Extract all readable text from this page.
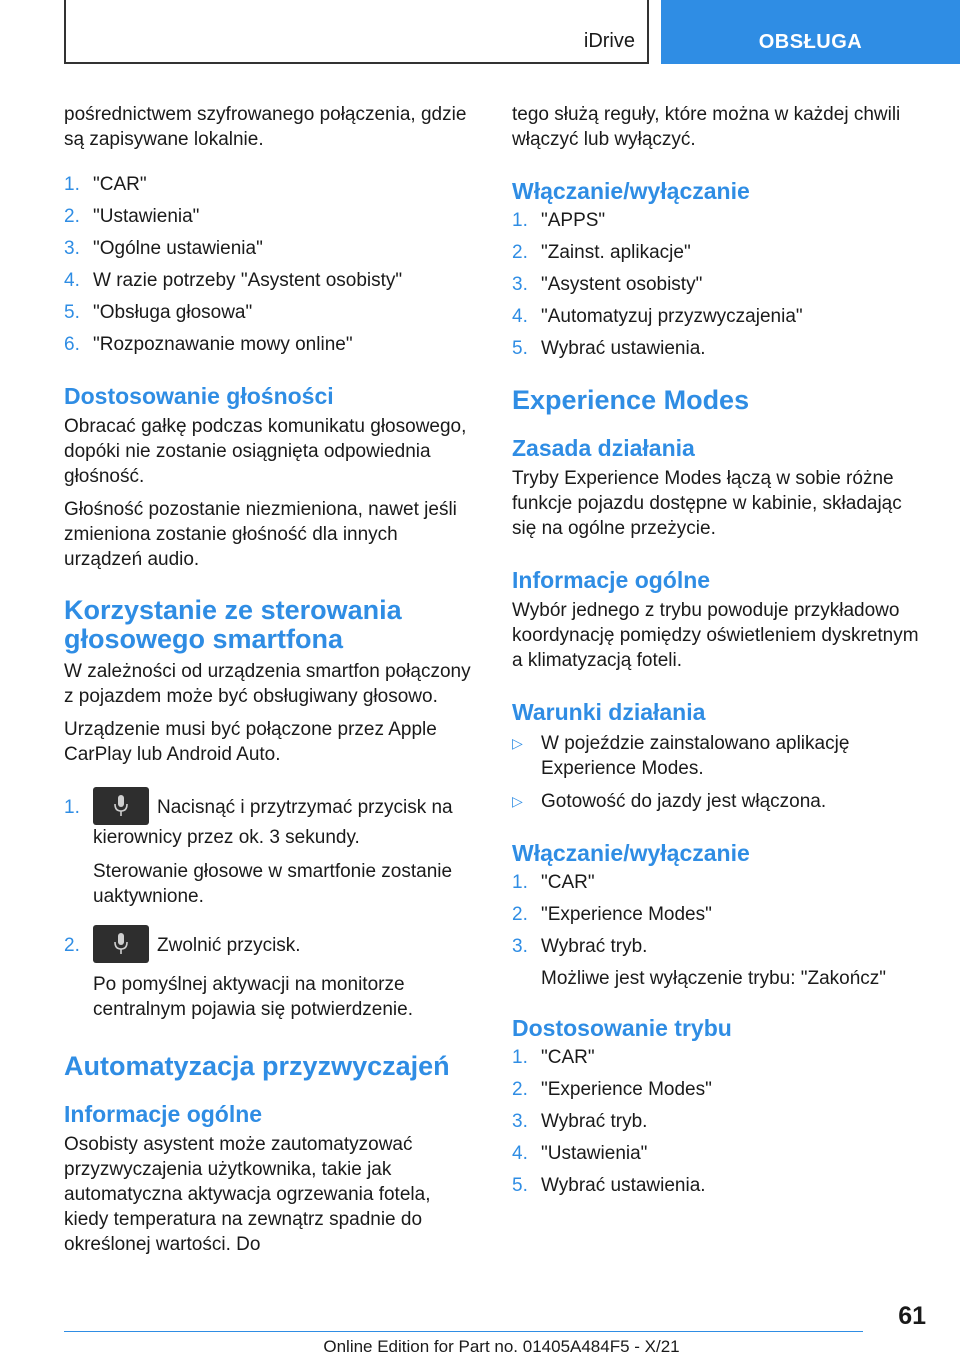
iDrive	OBSŁUGA

pośrednictwem szyfrowanego połączenia, gdzie są zapisywane lokalnie.

1. "CAR"
2. "Ustawienia"
3. "Ogólne ustawienia"
4. W razie potrzeby "Asystent osobisty"
5. "Obsługa głosowa"
6. "Rozpoznawanie mowy online"
Dostosowanie głośności

Obracać gałkę podczas komunikatu głosowego, dopóki nie zostanie osiągnięta odpowiednia głośność.

Głośność pozostanie niezmieniona, nawet jeśli zmieniona zostanie głośność dla innych urządzeń audio.

Korzystanie ze sterowania głosowego smartfona

W zależności od urządzenia smartfon połączony z pojazdem może być obsługiwany głosowo.

Urządzenie musi być połączone przez Apple CarPlay lub Android Auto.

1.	Nacisnąć i przytrzymać przycisk na kierownicy przez ok. 3 sekundy.
Sterowanie głosowe w smartfonie zostanie uaktywnione.
2.	Zwolnić przycisk.
Po pomyślnej aktywacji na monitorze centralnym pojawia się potwierdzenie.
Automatyzacja przyzwyczajeń
Informacje ogólne

Osobisty asystent może zautomatyzować przyzwyczajenia użytkownika, takie jak automatyczna aktywacja ogrzewania fotela, kiedy temperatura na zewnątrz spadnie do określonej wartości. Do

tego służą reguły, które można w każdej chwili włączyć lub wyłączyć.

Włączanie/wyłączanie
1. "APPS"
2. "Zainst. aplikacje"
3. "Asystent osobisty"
4. "Automatyzuj przyzwyczajenia"
5. Wybrać ustawienia.
Experience Modes
Zasada działania

Tryby Experience Modes łączą w sobie różne funkcje pojazdu dostępne w kabinie, składając się na ogólne przeżycie.

Informacje ogólne

Wybór jednego z trybu powoduje przykładowo koordynację pomiędzy oświetleniem dyskretnym a klimatyzacją foteli.

Warunki działania
▷ W pojeździe zainstalowano aplikację Experience Modes.
▷ Gotowość do jazdy jest włączona.
Włączanie/wyłączanie
1. "CAR"
2. "Experience Modes"
3. Wybrać tryb.
Możliwe jest wyłączenie trybu: "Zakończ"
Dostosowanie trybu
1. "CAR"
2. "Experience Modes"
3. Wybrać tryb.
4. "Ustawienia"
5. Wybrać ustawienia.
61
Online Edition for Part no. 01405A484F5 - X/21
